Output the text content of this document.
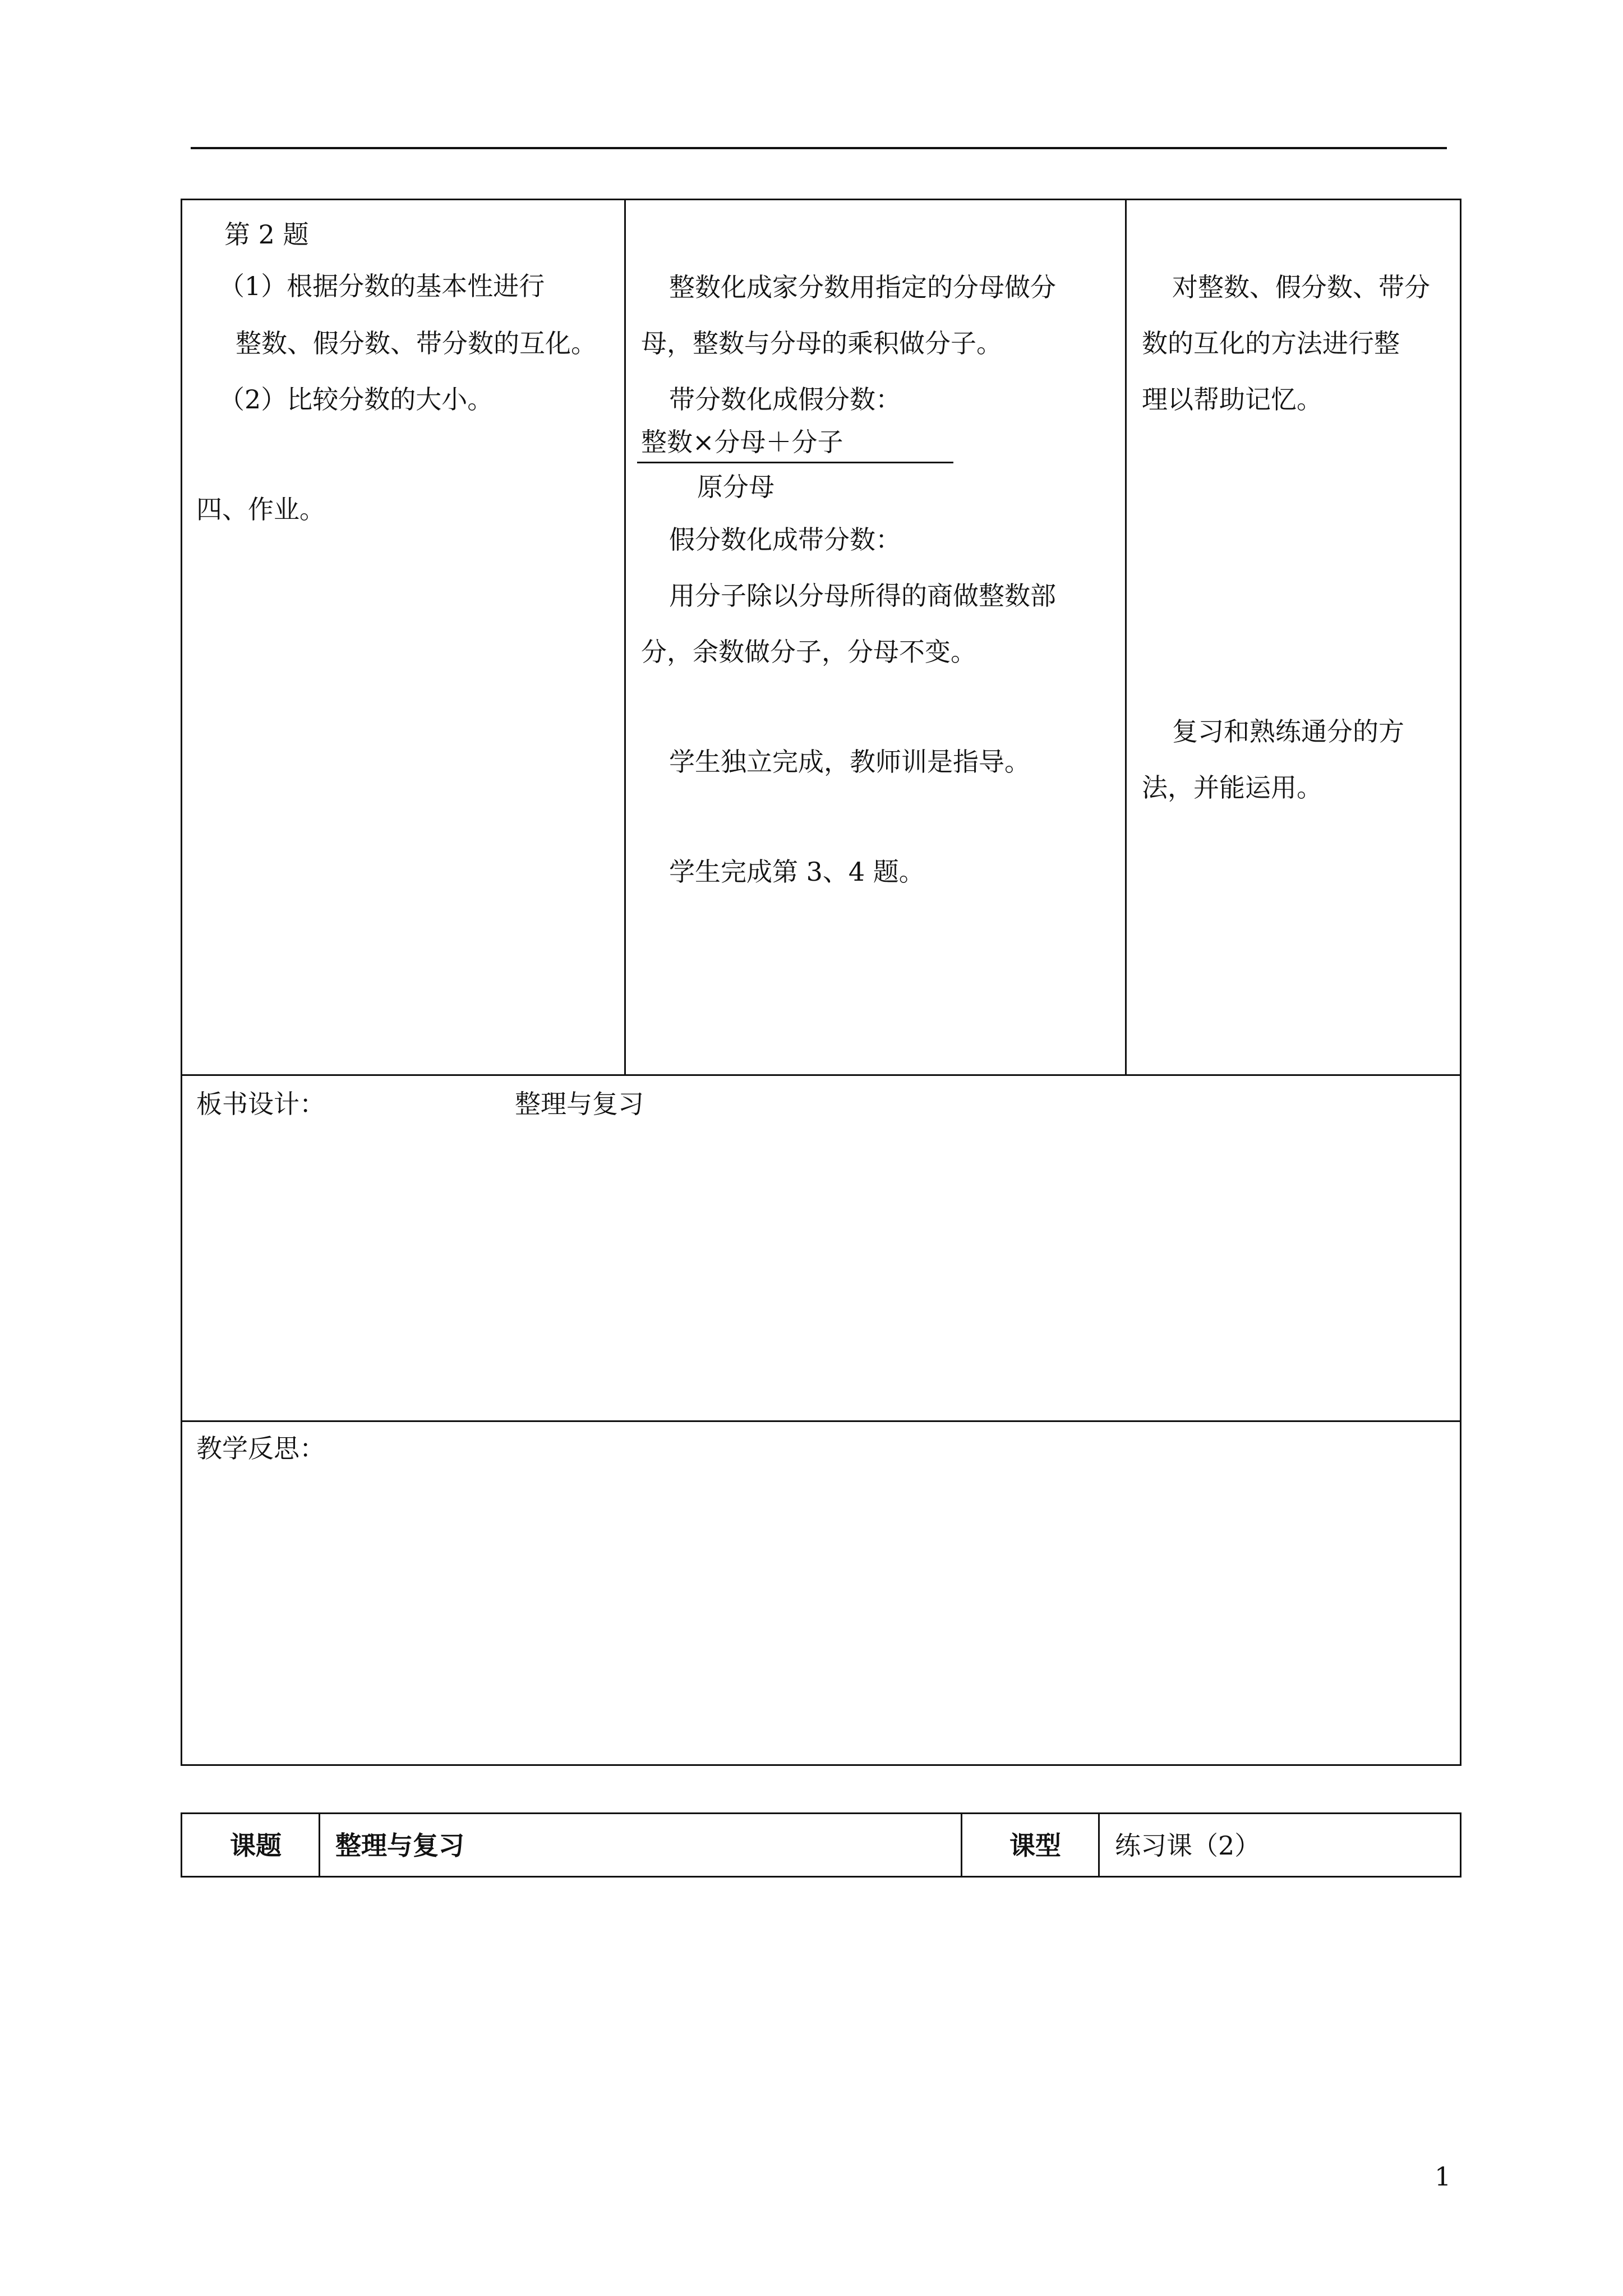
第 2 题
（1）根据分数的基本性进行
整数、假分数、带分数的互化。
（2）比较分数的大小。
四、作业。
整数化成家分数用指定的分母做分
母，整数与分母的乘积做分子。
带分数化成假分数：
整数×分母＋分子
原分母
假分数化成带分数：
用分子除以分母所得的商做整数部
分，余数做分子，分母不变。
学生独立完成，教师训是指导。
学生完成第 3、4 题。
对整数、假分数、带分
数的互化的方法进行整
理以帮助记忆。
复习和熟练通分的方
法，并能运用。
板书设计：	整理与复习
教学反思：
课题 整理与复习	课型 练习课（2）
1
